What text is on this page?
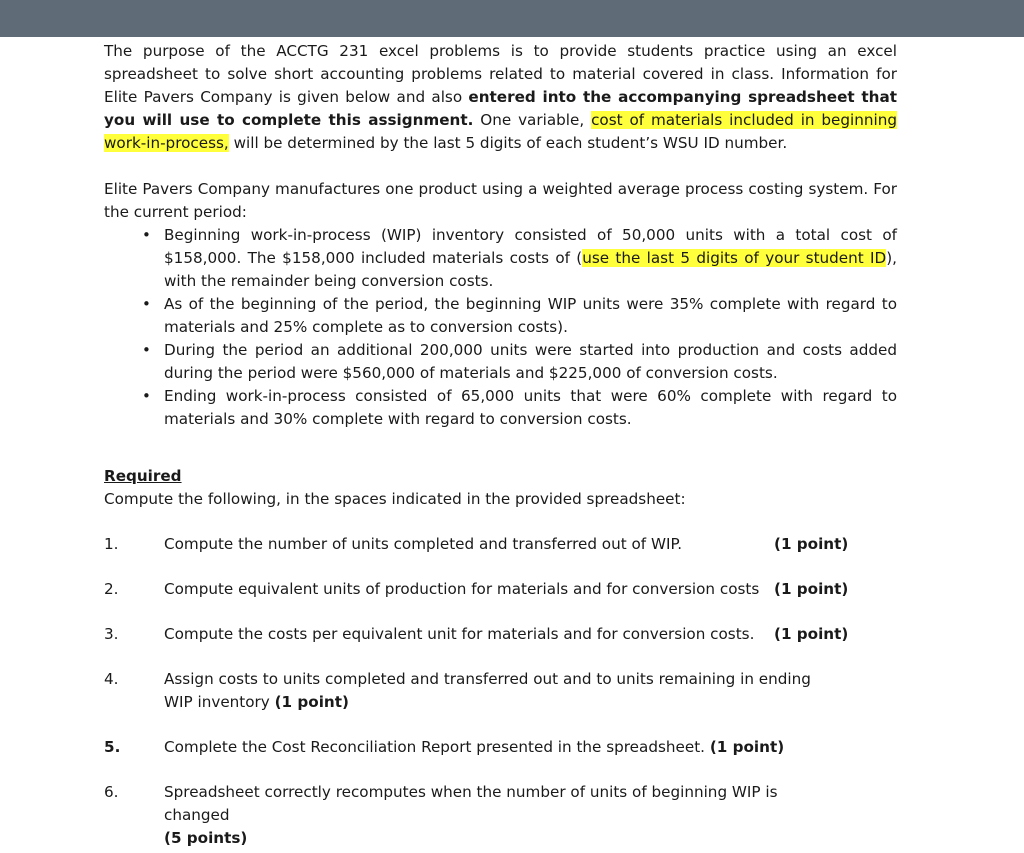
The purpose of the ACCTG 231 excel problems is to provide students practice using an excel spreadsheet to solve short accounting problems related to material covered in class. Information for Elite Pavers Company is given below and also entered into the accompanying spreadsheet that you will use to complete this assignment. One variable, cost of materials included in beginning work-in-process, will be determined by the last 5 digits of each student’s WSU ID number.

Elite Pavers Company manufactures one product using a weighted average process costing system. For the current period:

• Beginning work-in-process (WIP) inventory consisted of 50,000 units with a total cost of $158,000. The $158,000 included materials costs of (use the last 5 digits of your student ID), with the remainder being conversion costs.
• As of the beginning of the period, the beginning WIP units were 35% complete with regard to materials and 25% complete as to conversion costs).
• During the period an additional 200,000 units were started into production and costs added during the period were $560,000 of materials and $225,000 of conversion costs.
• Ending work-in-process consisted of 65,000 units that were 60% complete with regard to materials and 30% complete with regard to conversion costs.

Required

Compute the following, in the spaces indicated in the provided spreadsheet:

1.	Compute the number of units completed and transferred out of WIP.	(1 point)
2.	Compute equivalent units of production for materials and for conversion costs (1 point)
3.	Compute the costs per equivalent unit for materials and for conversion costs. (1 point)
4.	Assign costs to units completed and transferred out and to units remaining in ending WIP inventory (1 point)
5.	Complete the Cost Reconciliation Report presented in the spreadsheet. (1 point)
6.	Spreadsheet correctly recomputes when the number of units of beginning WIP is changed
(5 points)
